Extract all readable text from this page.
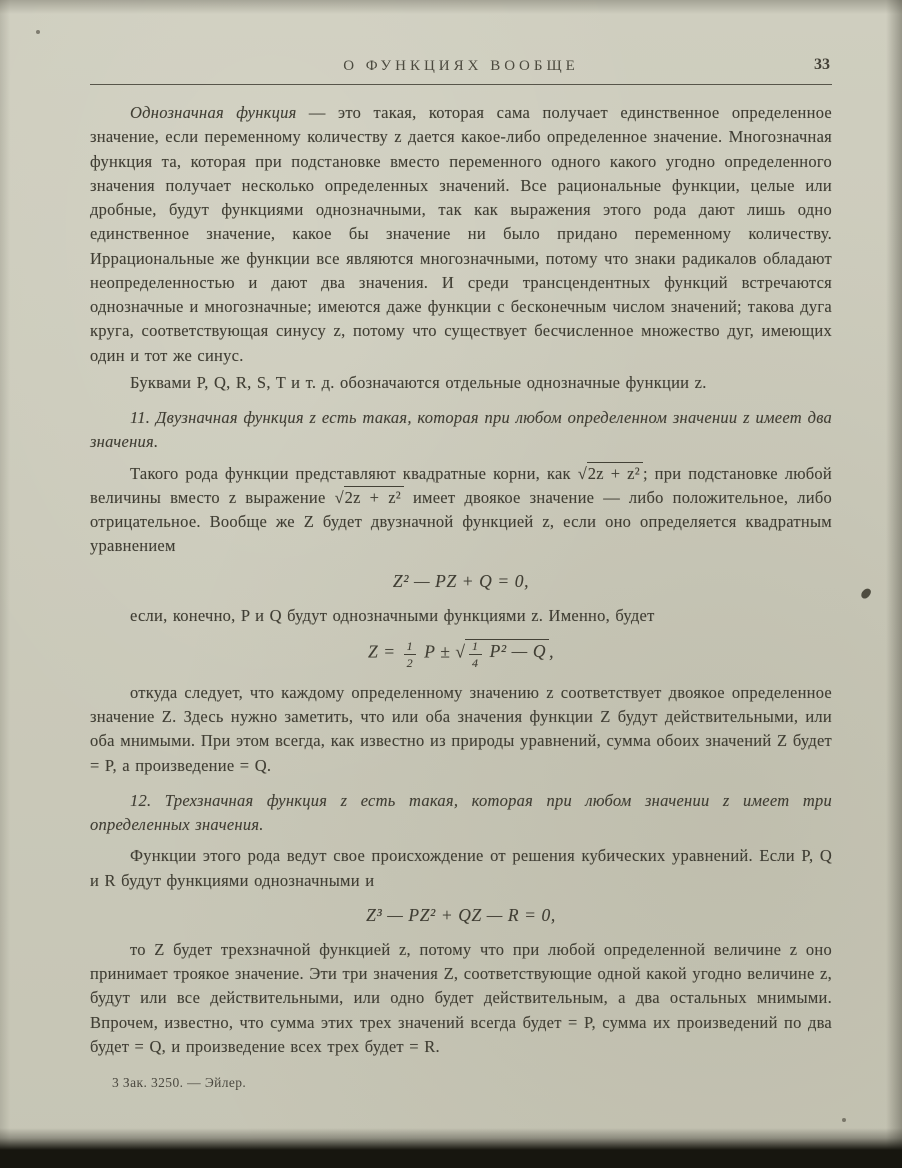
О ФУНКЦИЯХ ВООБЩЕ	33

Однозначная функция — это такая, которая сама получает единственное определенное значение, если переменному количеству z дается какое-либо определенное значение. Многозначная функция та, которая при подстановке вместо переменного одного какого угодно определенного значения получает несколько определенных значений. Все рациональные функции, целые или дробные, будут функциями однозначными, так как выражения этого рода дают лишь одно единственное значение, какое бы значение ни было придано переменному количеству. Иррациональные же функции все являются многозначными, потому что знаки радикалов обладают неопределенностью и дают два значения. И среди трансцендентных функций встречаются однозначные и многозначные; имеются даже функции с бесконечным числом значений; такова дуга круга, соответствующая синусу z, потому что существует бесчисленное множество дуг, имеющих один и тот же синус.

Буквами P, Q, R, S, T и т. д. обозначаются отдельные однозначные функции z.

11. Двузначная функция z есть такая, которая при любом определенном значении z имеет два значения.

Такого рода функции представляют квадратные корни, как √2z + z² ; при подстановке любой величины вместо z выражение √2z + z² имеет двоякое значение — либо положительное, либо отрицательное. Вообще же Z будет двузначной функцией z, если оно определяется квадратным уравнением

Z² — PZ + Q = 0,

если, конечно, P и Q будут однозначными функциями z. Именно, будет

$Z = \frac{1}{2}$ P ± √ $\frac{1}{4} P^2$ — Q ,

откуда следует, что каждому определенному значению z соответствует двоякое определенное значение Z. Здесь нужно заметить, что или оба значения функции Z будут действительными, или оба мнимыми. При этом всегда, как известно из природы уравнений, сумма обоих значений Z будет = P, а произведение = Q.

12. Трехзначная функция z есть такая, которая при любом значении z имеет три определенных значения.

Функции этого рода ведут свое происхождение от решения кубических уравнений. Если P, Q и R будут функциями однозначными и

Z³ — PZ² + QZ — R = 0,

то Z будет трехзначной функцией z, потому что при любой определенной величине z оно принимает троякое значение. Эти три значения Z, соответствующие одной какой угодно величине z, будут или все действительными, или одно будет действительным, а два остальных мнимыми. Впрочем, известно, что сумма этих трех значений всегда будет = P, сумма их произведений по два будет = Q, и произведение всех трех будет = R.

3 Зак. 3250. — Эйлер.
